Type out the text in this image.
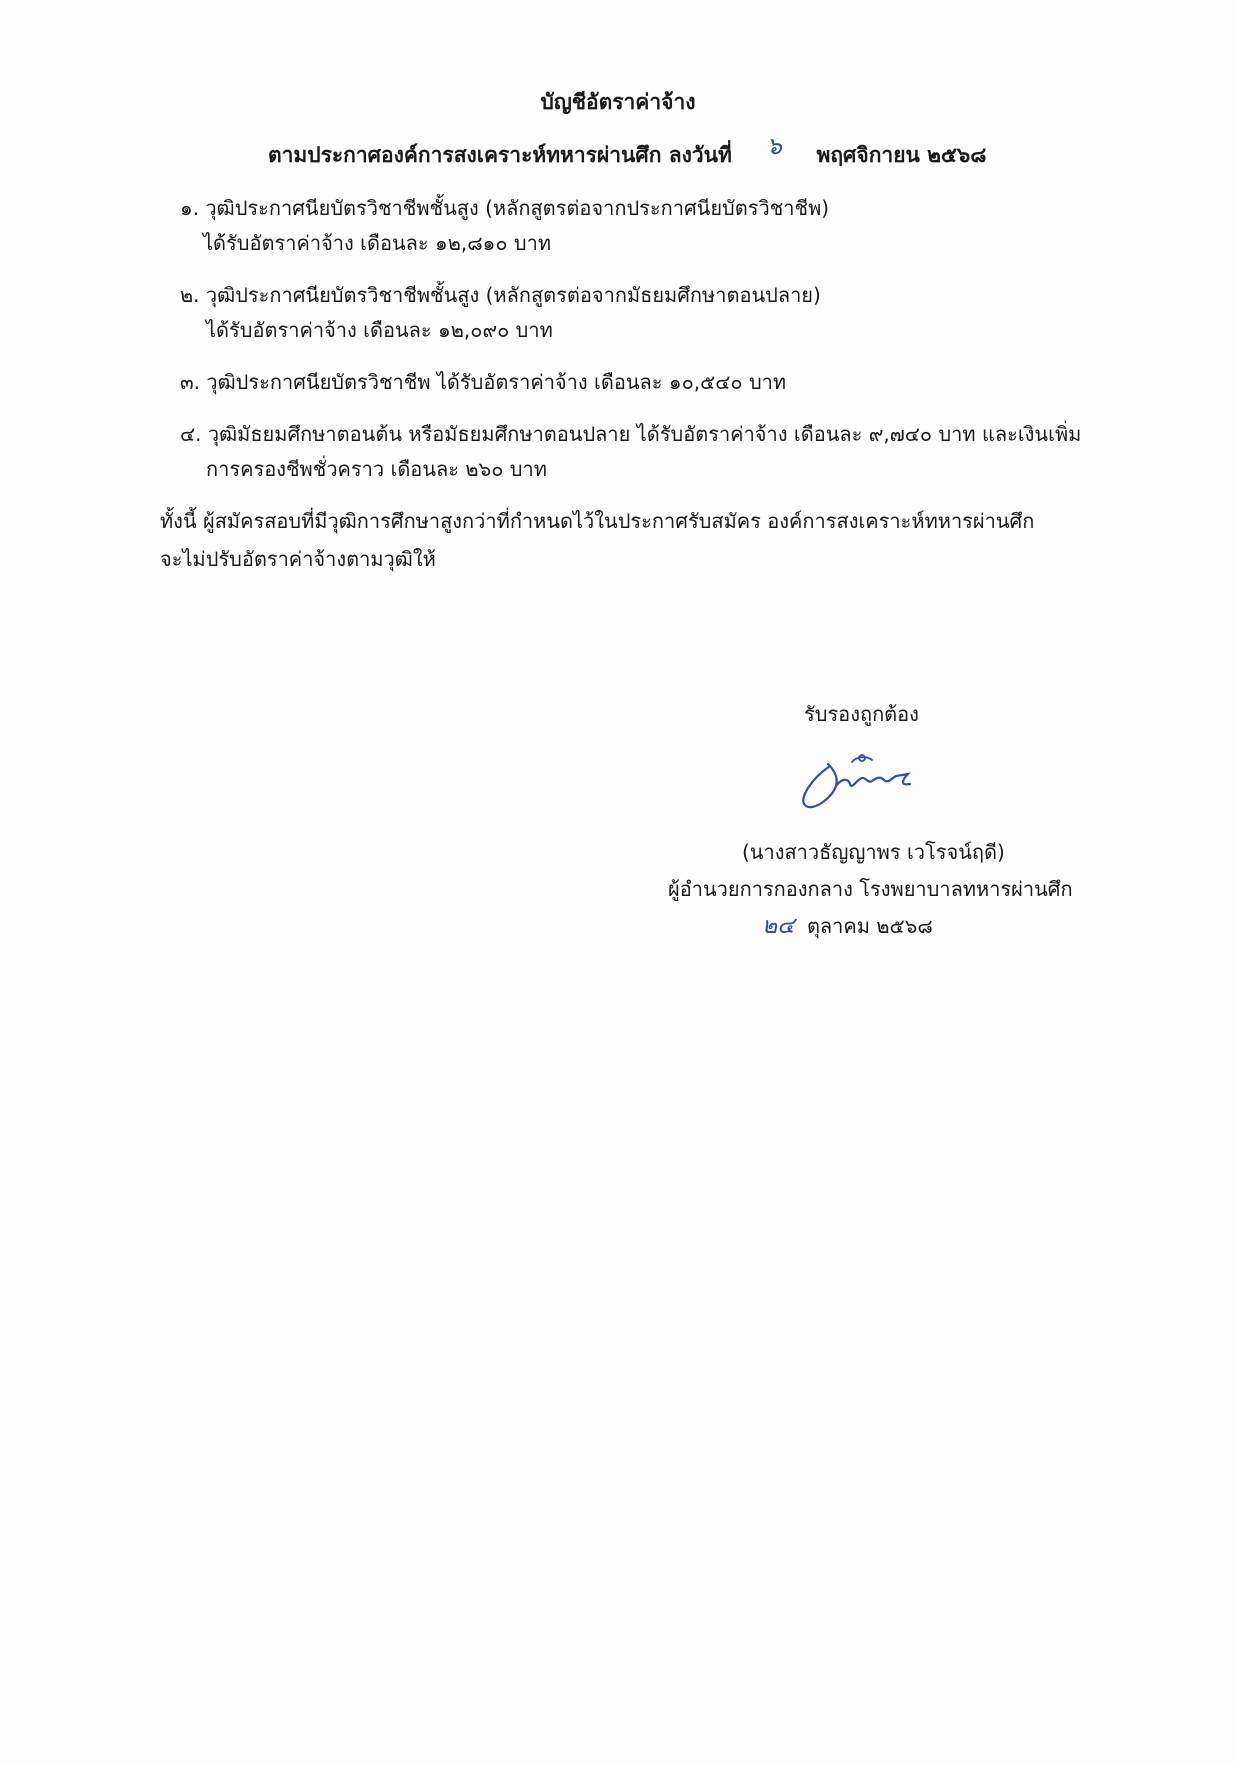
บัญชีอัตราค่าจ้าง
ตามประกาศองค์การสงเคราะห์ทหารผ่านศึก ลงวันที่ ๖ พฤศจิกายน ๒๕๖๘
๑. วุฒิประกาศนียบัตรวิชาชีพชั้นสูง (หลักสูตรต่อจากประกาศนียบัตรวิชาชีพ)
ได้รับอัตราค่าจ้าง เดือนละ ๑๒,๘๑๐ บาท
๒. วุฒิประกาศนียบัตรวิชาชีพชั้นสูง (หลักสูตรต่อจากมัธยมศึกษาตอนปลาย)
ได้รับอัตราค่าจ้าง เดือนละ ๑๒,๐๙๐ บาท
๓. วุฒิประกาศนียบัตรวิชาชีพ ได้รับอัตราค่าจ้าง เดือนละ ๑๐,๕๔๐ บาท
๔. วุฒิมัธยมศึกษาตอนต้น หรือมัธยมศึกษาตอนปลาย ได้รับอัตราค่าจ้าง เดือนละ ๙,๗๔๐ บาท และเงินเพิ่ม
การครองชีพชั่วคราว เดือนละ ๒๖๐ บาท
ทั้งนี้ ผู้สมัครสอบที่มีวุฒิการศึกษาสูงกว่าที่กำหนดไว้ในประกาศรับสมัคร องค์การสงเคราะห์ทหารผ่านศึก
จะไม่ปรับอัตราค่าจ้างตามวุฒิให้
รับรองถูกต้อง
(นางสาวธัญญาพร เวโรจน์ฤดี)
ผู้อำนวยการกองกลาง โรงพยาบาลทหารผ่านศึก
๒๔ ตุลาคม ๒๕๖๘
